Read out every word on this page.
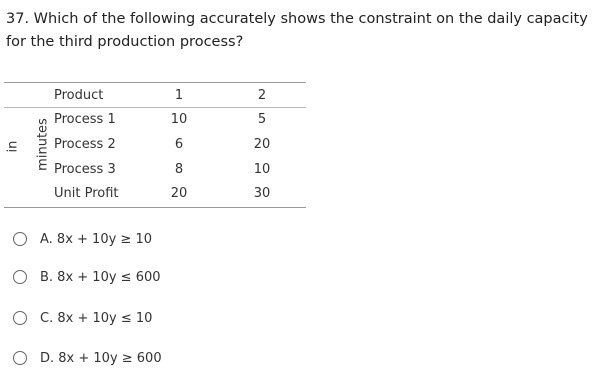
37. Which of the following accurately shows the constraint on the daily capacity for the third production process?
in minutes
Product	1	2
Process 1	10	5
Process 2	6	20
Process 3	8	10
Unit Profit	20	30
A. 8x + 10y ≥ 10
B. 8x + 10y ≤ 600
C. 8x + 10y ≤ 10
D. 8x + 10y ≥ 600
